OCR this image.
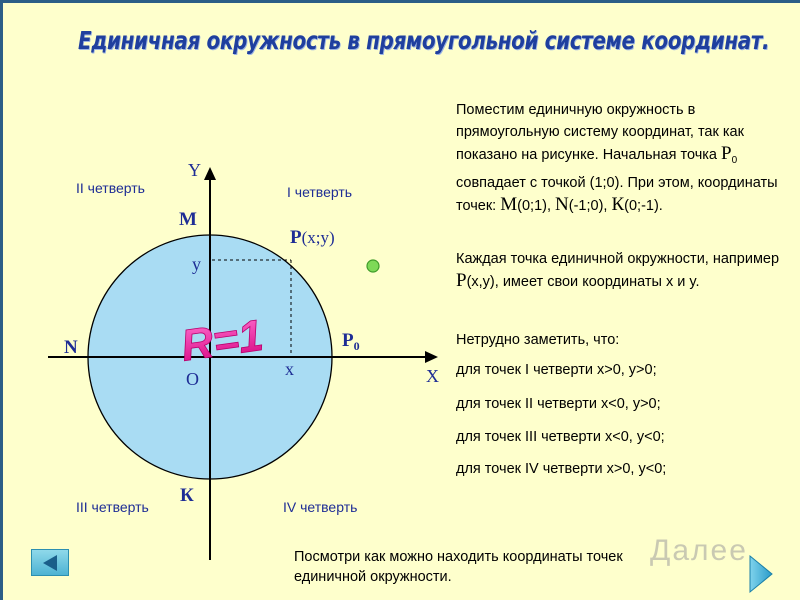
Единичная окружность в прямоугольной системе координат.
II четверть	I четверть
III четверть	IV четверть
Y
X
О
M
N
К
$P_0$
P(x;y)
y
x
R=1
Поместим единичную окружность в прямоугольную систему координат, так как показано на рисунке. Начальная точка $P_0$ совпадает с точкой (1;0). При этом, координаты точек: M(0;1), N(-1;0), К(0;-1).
Каждая точка единичной окружности, например P(x,y), имеет свои координаты x и y.
Нетрудно заметить, что:
для точек I четверти x>0, y>0;
для точек II четверти x<0, y>0;
для точек III четверти x<0, y<0;
для точек IV четверти x>0, y<0;
Далее
Посмотри как можно находить координаты точек единичной окружности.
